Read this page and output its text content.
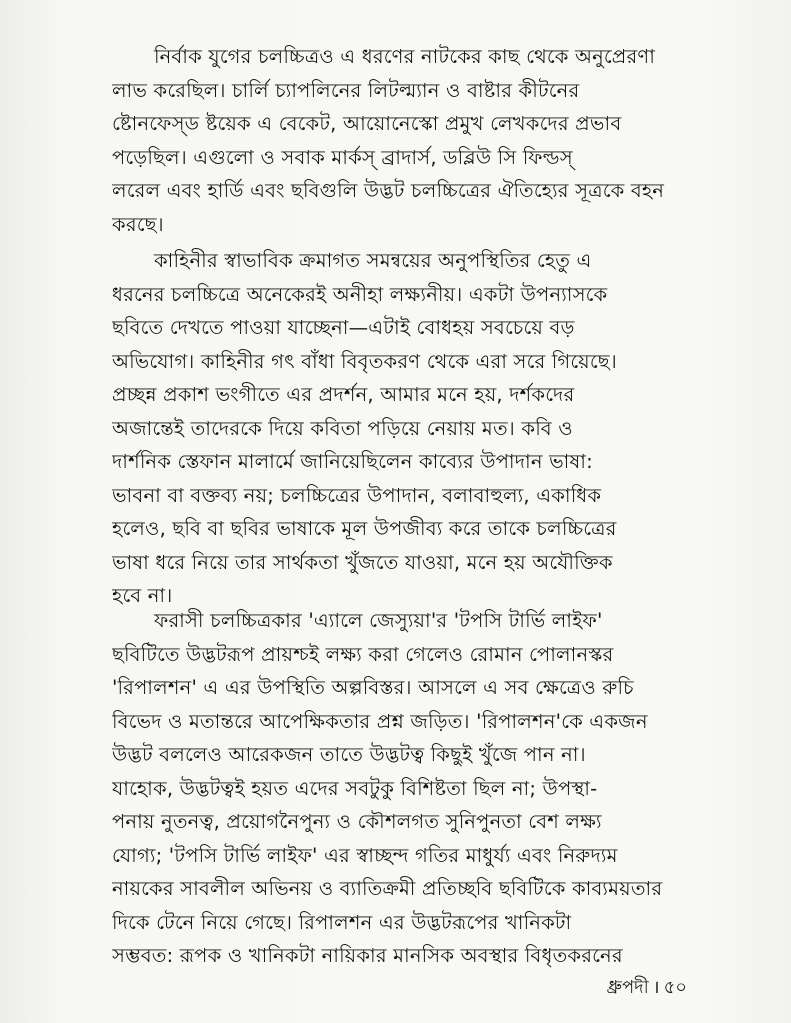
নির্বাক যুগের চলচ্চিত্রও এ ধরণের নাটকের কাছ থেকে অনুপ্রেরণা
লাভ করেছিল। চার্লি চ্যাপলিনের লিটল্ম্যান ও বাষ্টার কীটনের
ষ্টোনফেস্ড ষ্টয়েক এ বেকেট, আয়োনেস্কো প্রমুখ লেখকদের প্রভাব
পড়েছিল। এগুলো ও সবাক মার্কস্ ব্রাদার্স, ডব্লিউ সি ফিল্ডস্
লরেল এবং হার্ডি এবং ছবিগুলি উদ্ভট চলচ্চিত্রের ঐতিহ্যের সূত্রকে বহন
করছে।

কাহিনীর স্বাভাবিক ক্রমাগত সমন্বয়ের অনুপস্থিতির হেতু এ
ধরনের চলচ্চিত্রে অনেকেরই অনীহা লক্ষ্যনীয়। একটা উপন্যাসকে
ছবিতে দেখতে পাওয়া যাচ্ছেনা—এটাই বোধহয় সবচেয়ে বড়
অভিযোগ। কাহিনীর গৎ বাঁধা বিবৃতকরণ থেকে এরা সরে গিয়েছে।
প্রচ্ছন্ন প্রকাশ ভংগীতে এর প্রদর্শন, আমার মনে হয়, দর্শকদের
অজান্তেই তাদেরকে দিয়ে কবিতা পড়িয়ে নেয়ায় মত। কবি ও
দার্শনিক স্তেফান মালার্মে জানিয়েছিলেন কাব্যের উপাদান ভাষা:
ভাবনা বা বক্তব্য নয়; চলচ্চিত্রের উপাদান, বলাবাহুল্য, একাধিক
হলেও, ছবি বা ছবির ভাষাকে মূল উপজীব্য করে তাকে চলচ্চিত্রের
ভাষা ধরে নিয়ে তার সার্থকতা খুঁজতে যাওয়া, মনে হয় অযৌক্তিক
হবে না।

ফরাসী চলচ্চিত্রকার 'এ্যালে জেস্যুয়া'র 'টপসি টার্ভি লাইফ'
ছবিটিতে উদ্ভটরূপ প্রায়শ্চই লক্ষ্য করা গেলেও রোমান পোলানস্কর
'রিপালশন' এ এর উপস্থিতি অল্পবিস্তর। আসলে এ সব ক্ষেত্রেও রুচি
বিভেদ ও মতান্তরে আপেক্ষিকতার প্রশ্ন জড়িত। 'রিপালশন'কে একজন
উদ্ভট বললেও আরেকজন তাতে উদ্ভটত্ব কিছুই খুঁজে পান না।
যাহোক, উদ্ভটত্বই হয়ত এদের সবটুকু বিশিষ্টতা ছিল না; উপস্থা-
পনায় নুতনত্ব, প্রয়োগনৈপুন্য ও কৌশলগত সুনিপুনতা বেশ লক্ষ্য
যোগ্য; 'টপসি টার্ভি লাইফ' এর স্বাচ্ছন্দ গতির মাধুর্য্য এবং নিরুদ্যম
নায়কের সাবলীল অভিনয় ও ব্যাতিক্রমী প্রতিচ্ছবি ছবিটিকে কাব্যময়তার
দিকে টেনে নিয়ে গেছে। রিপালশন এর উদ্ভটরূপের খানিকটা
সম্ভবত: রূপক ও খানিকটা নায়িকার মানসিক অবস্থার বিধৃতকরনের

ধ্রুপদী । ৫০
